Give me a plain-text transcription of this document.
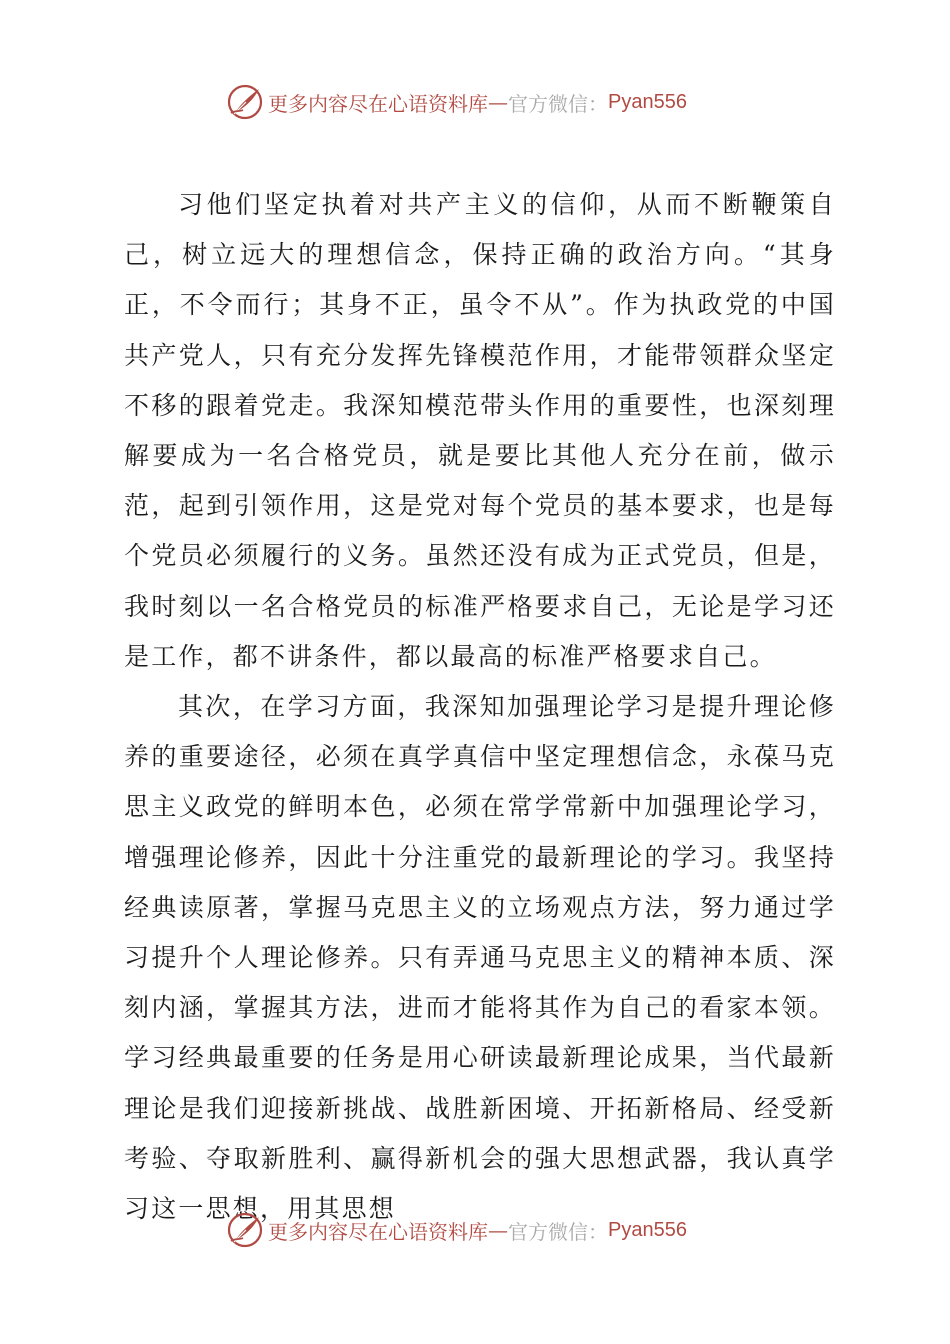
更多内容尽在心语资料库 — 官方微信： Pyan556

习他们坚定执着对共产主义的信仰，从而不断鞭策自己，树立远大的理想信念，保持正确的政治方向。“其身正，不令而行；其身不正，虽令不从”。作为执政党的中国共产党人，只有充分发挥先锋模范作用，才能带领群众坚定不移的跟着党走。我深知模范带头作用的重要性，也深刻理解要成为一名合格党员，就是要比其他人充分在前，做示范，起到引领作用，这是党对每个党员的基本要求，也是每个党员必须履行的义务。虽然还没有成为正式党员，但是，我时刻以一名合格党员的标准严格要求自己，无论是学习还是工作，都不讲条件，都以最高的标准严格要求自己。

其次，在学习方面，我深知加强理论学习是提升理论修养的重要途径，必须在真学真信中坚定理想信念，永葆马克思主义政党的鲜明本色，必须在常学常新中加强理论学习，增强理论修养，因此十分注重党的最新理论的学习。我坚持经典读原著，掌握马克思主义的立场观点方法，努力通过学习提升个人理论修养。只有弄通马克思主义的精神本质、深刻内涵，掌握其方法，进而才能将其作为自己的看家本领。学习经典最重要的任务是用心研读最新理论成果，当代最新理论是我们迎接新挑战、战胜新困境、开拓新格局、经受新考验、夺取新胜利、赢得新机会的强大思想武器，我认真学习这一思想，用其思想

更多内容尽在心语资料库 — 官方微信： Pyan556
